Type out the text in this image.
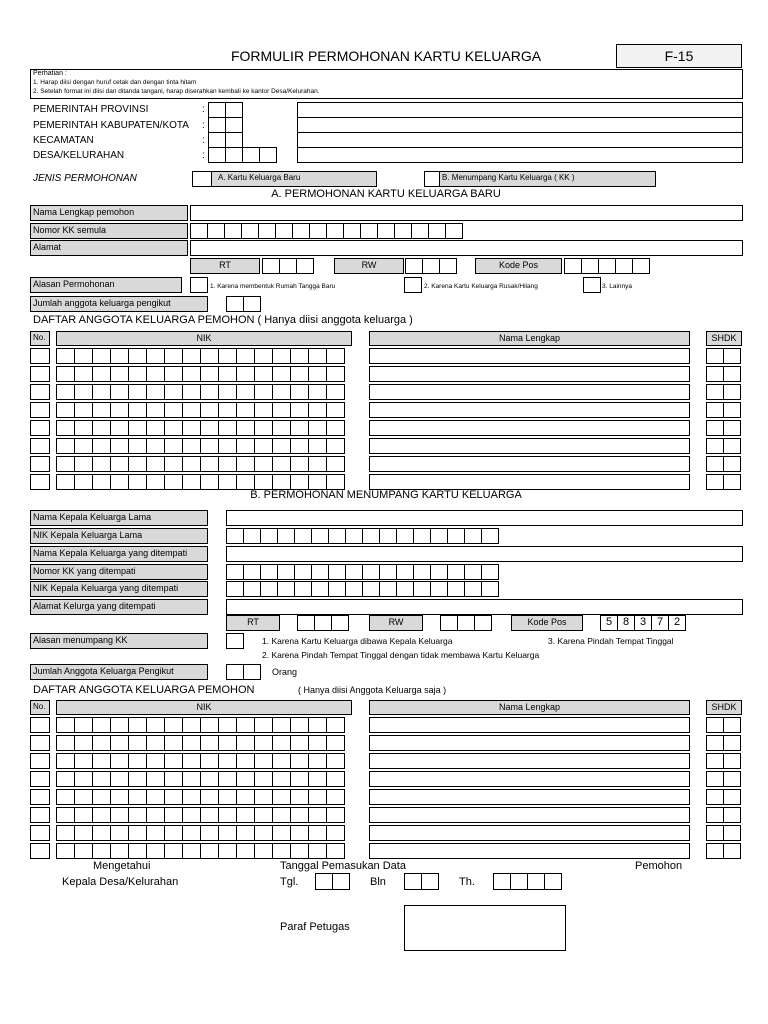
FORMULIR PERMOHONAN KARTU KELUARGA	F-15
Perhatian :
1. Harap diisi dengan huruf cetak dan dengan tinta hitam
2. Setelah format ini diisi dan ditanda tangani, harap diserahkan kembali ke kantor Desa/Kelurahan.
PEMERINTAH PROVINSI
PEMERINTAH KABUPATEN/KOTA
KECAMATAN
DESA/KELURAHAN
:
:
:
:
JENIS PERMOHONAN	A. Kartu Keluarga Baru	B. Menumpang Kartu Keluarga ( KK )
A. PERMOHONAN KARTU KELUARGA BARU
Nama Lengkap pemohon
Nomor KK semula
Alamat
RT	RW	Kode Pos
Alasan Permohonan	1. Karena membentuk Rumah Tangga Baru	2. Karena Kartu Keluarga Rusak/Hilang	3. Lainnya
Jumlah anggota keluarga pengikut
DAFTAR ANGGOTA KELUARGA PEMOHON ( Hanya diisi anggota keluarga )
No.	NIK	Nama Lengkap	SHDK
B. PERMOHONAN MENUMPANG KARTU KELUARGA
Nama Kepala Keluarga Lama
NIK Kepala Keluarga Lama
Nama Kepala Keluarga yang ditempati
Nomor KK yang ditempati
NIK Kepala Keluarga yang ditempati
Alamat Kelurga yang ditempati
RT	RW	Kode Pos	5 8 3 7 2
Alasan menumpang KK	1. Karena Kartu Keluarga dibawa Kepala Keluarga	3. Karena Pindah Tempat Tinggal
2. Karena Pindah Tempat Tinggal dengan tidak membawa Kartu Keluarga
Jumlah Anggota Keluarga Pengikut	Orang
DAFTAR ANGGOTA KELUARGA PEMOHON	( Hanya diisi Anggota Keluarga saja )
No.	NIK	Nama Lengkap	SHDK
Mengetahui
Kepala Desa/Kelurahan
Tanggal Pemasukan Data
Tgl.	Bln	Th.
Pemohon
Paraf Petugas
